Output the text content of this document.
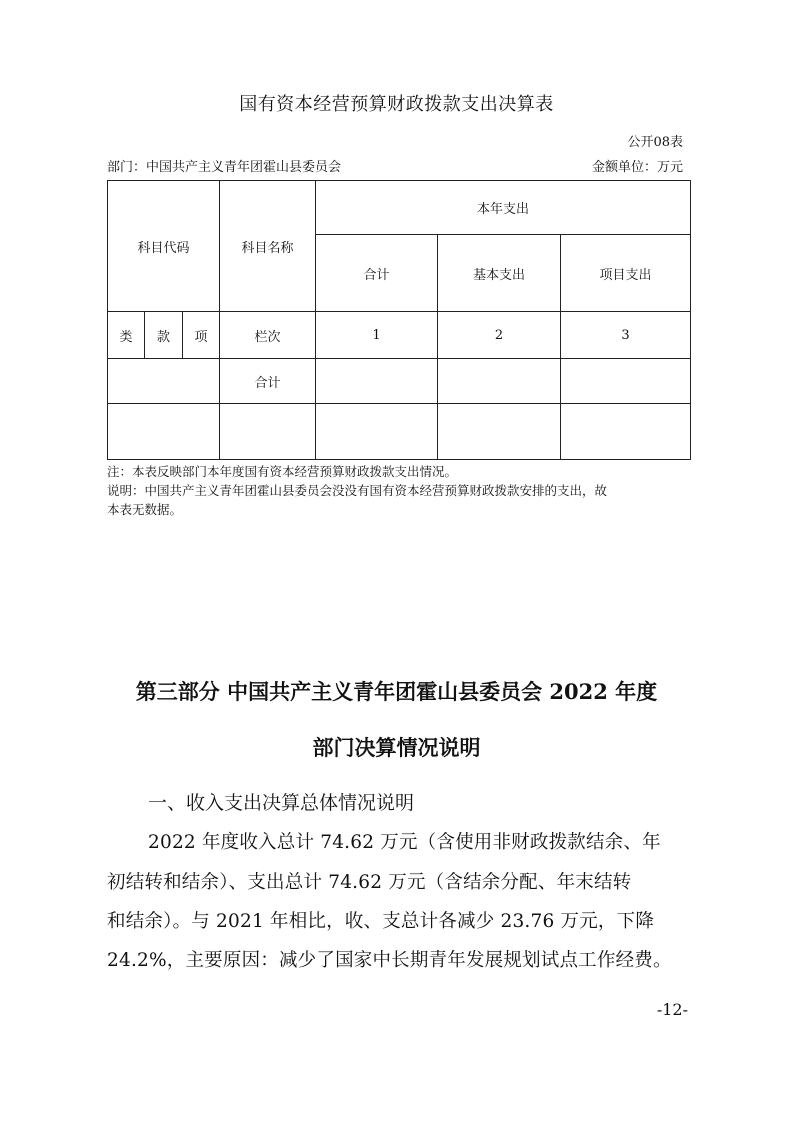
国有资本经营预算财政拨款支出决算表
公开08表
部门：中国共产主义青年团霍山县委员会	金额单位：万元
科目代码			科目名称	本年支出		
				合计	基本支出	项目支出
类	款	项	栏次	1	2	3
			合计			

注：本表反映部门本年度国有资本经营预算财政拨款支出情况。
说明：中国共产主义青年团霍山县委员会没没有国有资本经营预算财政拨款安排的支出，故
本表无数据。
第三部分 中国共产主义青年团霍山县委员会 2022 年度
部门决算情况说明
一、收入支出决算总体情况说明
2022 年度收入总计 74.62 万元（含使用非财政拨款结余、年
初结转和结余）、支出总计 74.62 万元（含结余分配、年末结转
和结余）。与 2021 年相比，收、支总计各减少 23.76 万元，下降
24.2%，主要原因：减少了国家中长期青年发展规划试点工作经费。
-12-
